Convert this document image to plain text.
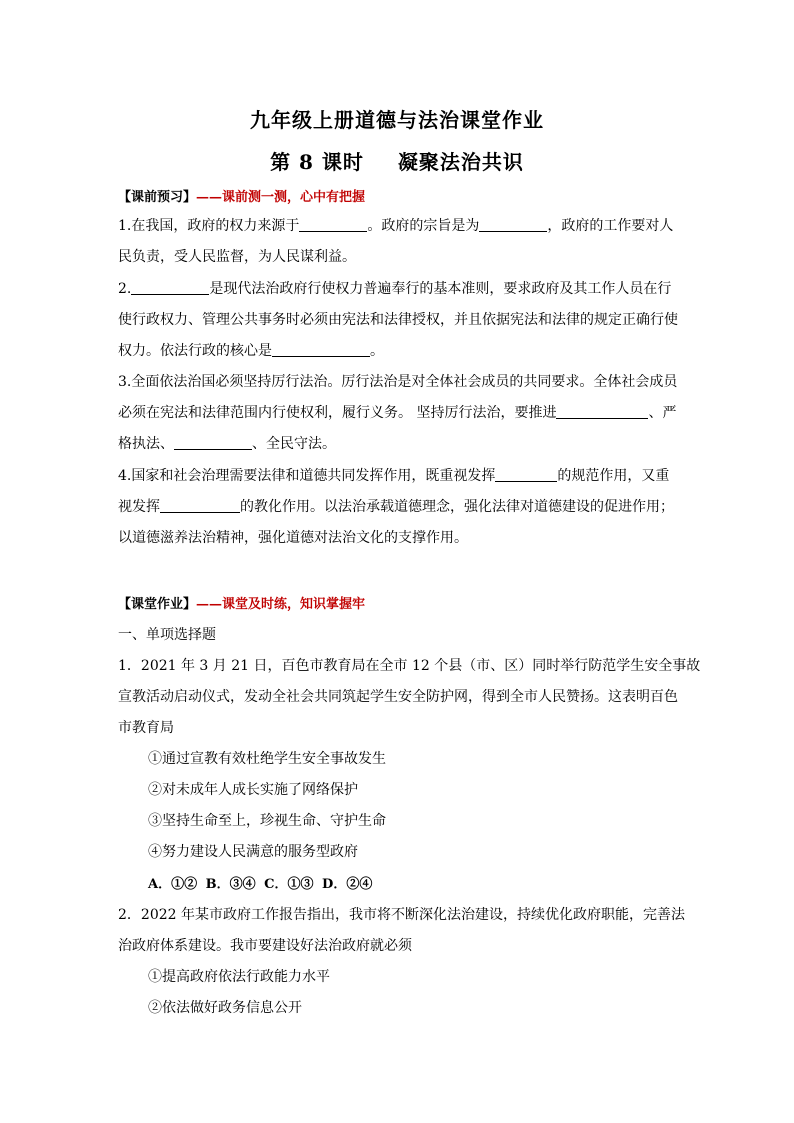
九年级上册道德与法治课堂作业
第 8 课时 凝聚法治共识
【课前预习】——课前测一测，心中有把握
1.在我国，政府的权力来源于	。政府的宗旨是为	，政府的工作要对人民负责，受人民监督，为人民谋利益。
2.	是现代法治政府行使权力普遍奉行的基本准则，要求政府及其工作人员在行使行政权力、管理公共事务时必须由宪法和法律授权，并且依据宪法和法律的规定正确行使权力。依法行政的核心是	。
3.全面依法治国必须坚持厉行法治。厉行法治是对全体社会成员的共同要求。全体社会成员必须在宪法和法律范围内行使权利，履行义务。 坚持厉行法治，要推进	、严格执法、	、全民守法。
4.国家和社会治理需要法律和道德共同发挥作用，既重视发挥	的规范作用，又重视发挥	的教化作用。以法治承载道德理念，强化法律对道德建设的促进作用；以道德滋养法治精神，强化道德对法治文化的支撑作用。
【课堂作业】——课堂及时练，知识掌握牢
一、单项选择题
1．2021 年 3 月 21 日，百色市教育局在全市 12 个县（市、区）同时举行防范学生安全事故
宣教活动启动仪式，发动全社会共同筑起学生安全防护网，得到全市人民赞扬。这表明百色
市教育局
①通过宣教有效杜绝学生安全事故发生
②对未成年人成长实施了网络保护
③坚持生命至上，珍视生命、守护生命
④努力建设人民满意的服务型政府
A．①② B．③④ C．①③ D．②④
2．2022 年某市政府工作报告指出，我市将不断深化法治建设，持续优化政府职能，完善法
治政府体系建设。我市要建设好法治政府就必须
①提高政府依法行政能力水平
②依法做好政务信息公开
